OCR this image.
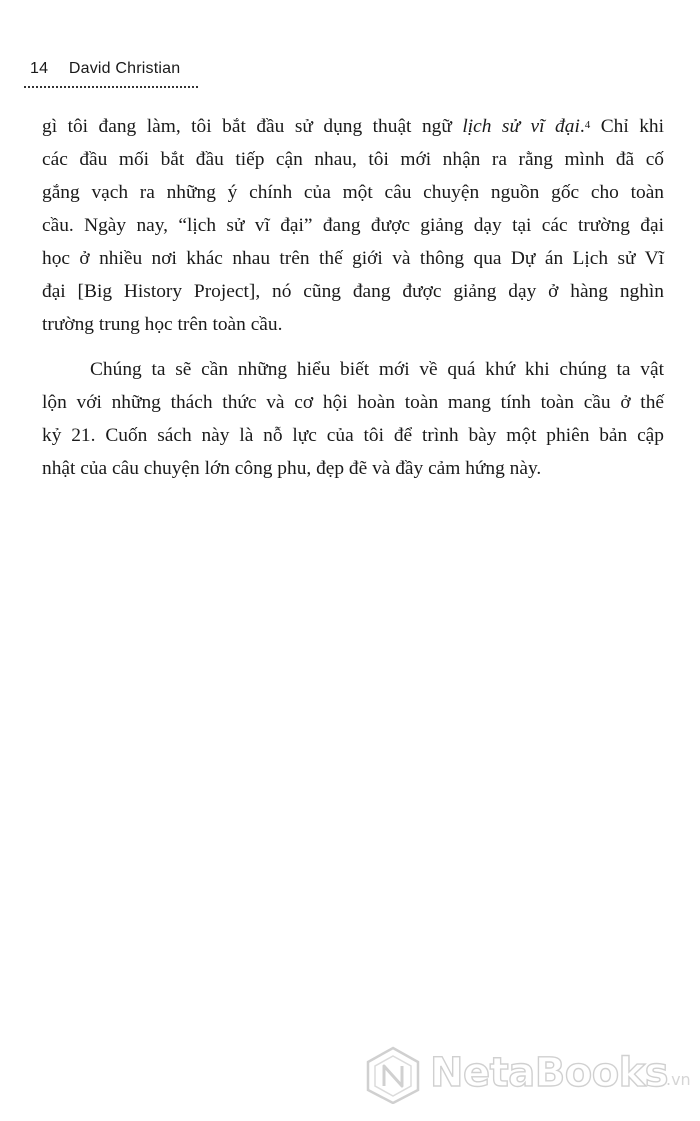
14 David Christian
gì tôi đang làm, tôi bắt đầu sử dụng thuật ngữ lịch sử vĩ đại.$^4$ Chỉ khi
các đầu mối bắt đầu tiếp cận nhau, tôi mới nhận ra rằng mình đã cố
gắng vạch ra những ý chính của một câu chuyện nguồn gốc cho toàn
cầu. Ngày nay, “lịch sử vĩ đại” đang được giảng dạy tại các trường đại
học ở nhiều nơi khác nhau trên thế giới và thông qua Dự án Lịch sử Vĩ
đại [Big History Project], nó cũng đang được giảng dạy ở hàng nghìn
trường trung học trên toàn cầu.
Chúng ta sẽ cần những hiểu biết mới về quá khứ khi chúng ta vật
lộn với những thách thức và cơ hội hoàn toàn mang tính toàn cầu ở thế
kỷ 21. Cuốn sách này là nỗ lực của tôi để trình bày một phiên bản cập
nhật của câu chuyện lớn công phu, đẹp đẽ và đầy cảm hứng này.
NetaBooks
.vn
